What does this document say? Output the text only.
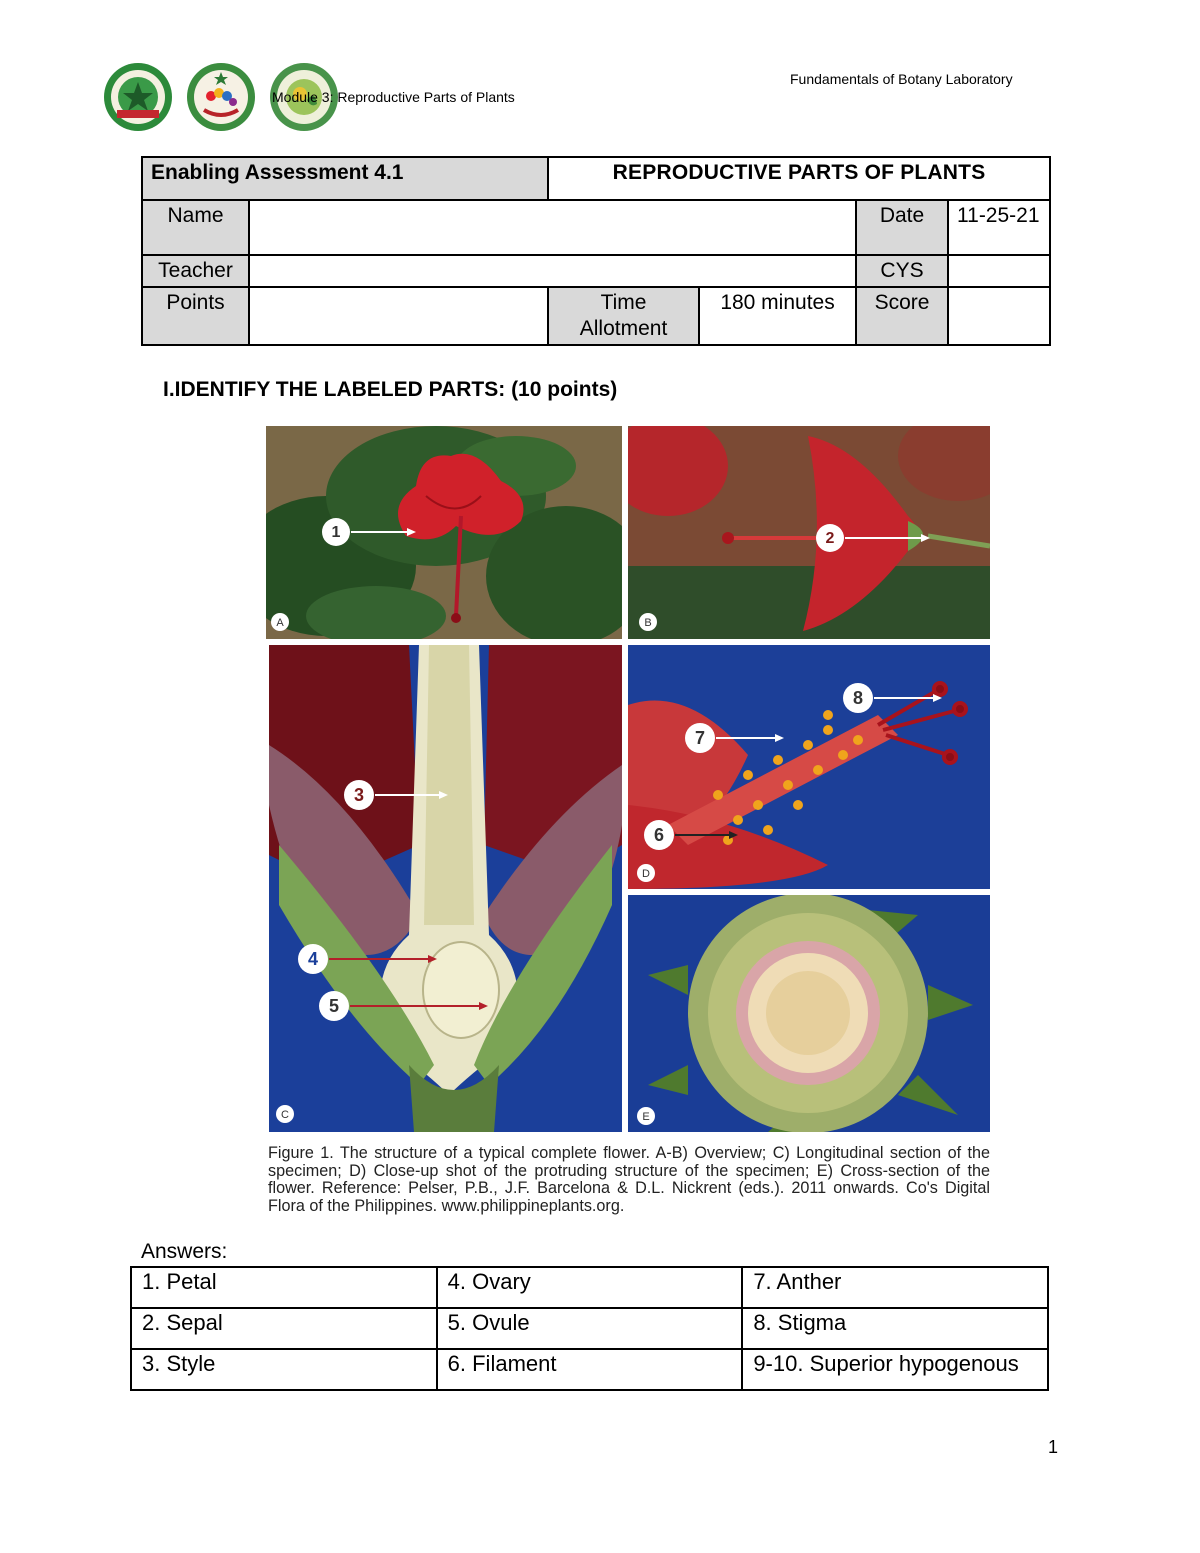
Module 3: Reproductive Parts of Plants
Fundamentals of Botany Laboratory
Enabling Assessment 4.1		REPRODUCTIVE PARTS OF PLANTS			
Name				Date	11-25-21
Teacher				CYS	
Points		Time Allotment	180 minutes	Score	
I.IDENTIFY THE LABELED PARTS: (10 points)
1
A
2
B
3
4
5
C
8
7
6
D
E
Figure 1. The structure of a typical complete flower. A-B) Overview; C) Longitudinal section of the specimen; D) Close-up shot of the protruding structure of the specimen; E) Cross-section of the flower. Reference: Pelser, P.B., J.F. Barcelona & D.L. Nickrent (eds.). 2011 onwards. Co's Digital Flora of the Philippines. www.philippineplants.org.
Answers:
1. Petal	4. Ovary	7. Anther
2. Sepal	5. Ovule	8. Stigma
3. Style	6. Filament	9-10. Superior hypogenous
1
